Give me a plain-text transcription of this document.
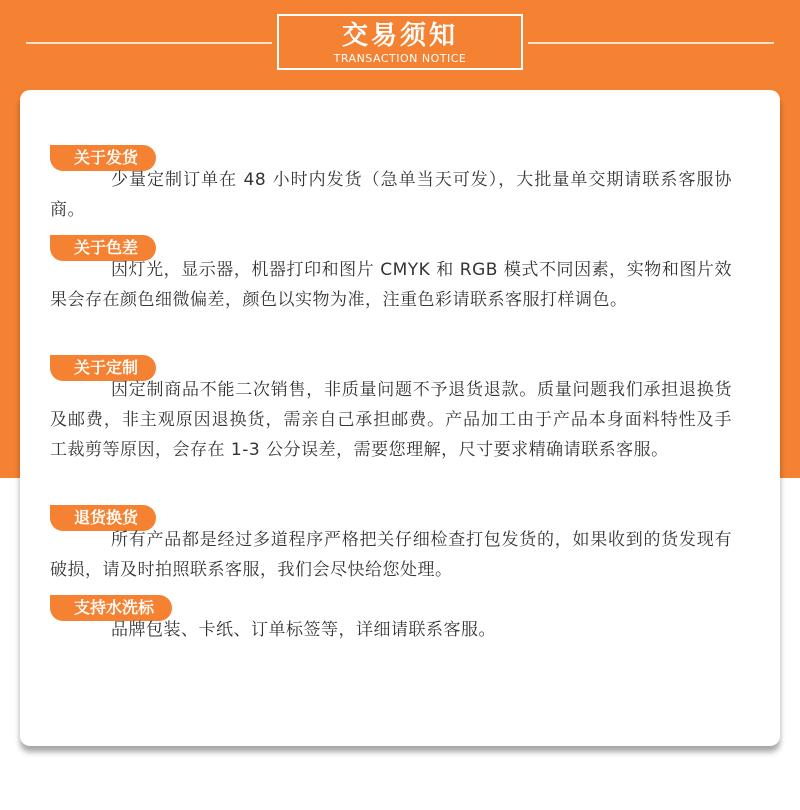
交易须知
TRANSACTION NOTICE
关于发货

少量定制订单在 48 小时内发货（急单当天可发），大批量单交期请联系客服协商。

关于色差

因灯光，显示器，机器打印和图片 CMYK 和 RGB 模式不同因素，实物和图片效果会存在颜色细微偏差，颜色以实物为准，注重色彩请联系客服打样调色。

关于定制

因定制商品不能二次销售，非质量问题不予退货退款。质量问题我们承担退换货及邮费，非主观原因退换货，需亲自己承担邮费。产品加工由于产品本身面料特性及手工裁剪等原因，会存在 1-3 公分误差，需要您理解，尺寸要求精确请联系客服。

退货换货

所有产品都是经过多道程序严格把关仔细检查打包发货的，如果收到的货发现有破损，请及时拍照联系客服，我们会尽快给您处理。

支持水洗标

品牌包装、卡纸、订单标签等，详细请联系客服。
